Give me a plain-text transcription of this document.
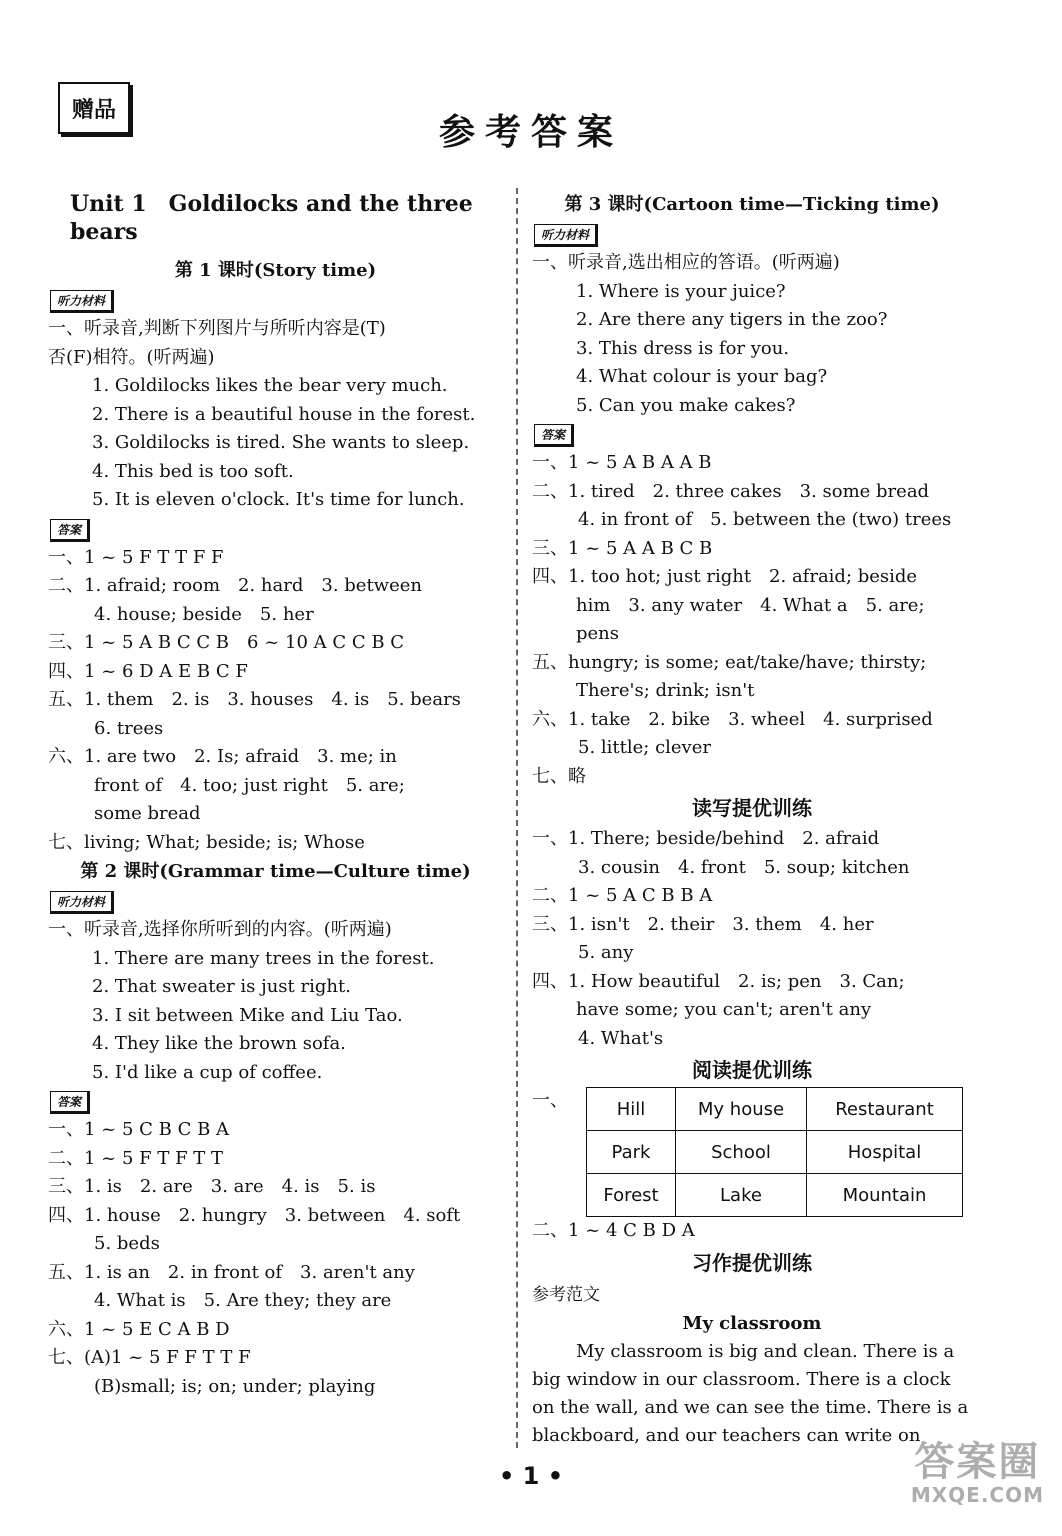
赠品
参考答案
Unit 1　Goldilocks and the three bears
第 1 课时(Story time)
听力材料
一、听录音,判断下列图片与所听内容是(T)
否(F)相符。(听两遍)
1. Goldilocks likes the bear very much.
2. There is a beautiful house in the forest.
3. Goldilocks is tired. She wants to sleep.
4. This bed is too soft.
5. It is eleven o'clock. It's time for lunch.
答案
一、1 ~ 5 F T T F F
二、1. afraid; room　2. hard　3. between
4. house; beside　5. her
三、1 ~ 5 A B C C B　6 ~ 10 A C C B C
四、1 ~ 6 D A E B C F
五、1. them　2. is　3. houses　4. is　5. bears
6. trees
六、1. are two　2. Is; afraid　3. me; in
front of　4. too; just right　5. are;
some bread
七、living; What; beside; is; Whose
第 2 课时(Grammar time—Culture time)
听力材料
一、听录音,选择你所听到的内容。(听两遍)
1. There are many trees in the forest.
2. That sweater is just right.
3. I sit between Mike and Liu Tao.
4. They like the brown sofa.
5. I'd like a cup of coffee.
答案
一、1 ~ 5 C B C B A
二、1 ~ 5 F T F T T
三、1. is　2. are　3. are　4. is　5. is
四、1. house　2. hungry　3. between　4. soft
5. beds
五、1. is an　2. in front of　3. aren't any
4. What is　5. Are they; they are
六、1 ~ 5 E C A B D
七、(A)1 ~ 5 F F T T F
(B)small; is; on; under; playing
第 3 课时(Cartoon time—Ticking time)
听力材料
一、听录音,选出相应的答语。(听两遍)
1. Where is your juice?
2. Are there any tigers in the zoo?
3. This dress is for you.
4. What colour is your bag?
5. Can you make cakes?
答案
一、1 ~ 5 A B A A B
二、1. tired　2. three cakes　3. some bread
4. in front of　5. between the (two) trees
三、1 ~ 5 A A B C B
四、1. too hot; just right　2. afraid; beside
him　3. any water　4. What a　5. are;
pens
五、hungry; is some; eat/take/have; thirsty;
There's; drink; isn't
六、1. take　2. bike　3. wheel　4. surprised
5. little; clever
七、略
读写提优训练
一、1. There; beside/behind　2. afraid
3. cousin　4. front　5. soup; kitchen
二、1 ~ 5 A C B B A
三、1. isn't　2. their　3. them　4. her
5. any
四、1. How beautiful　2. is; pen　3. Can;
have some; you can't; aren't any
4. What's
阅读提优训练
一、	Hill	My house	Restaurant
Park	School	Hospital
Forest	Lake	Mountain
二、1 ~ 4 C B D A
习作提优训练
参考范文
My classroom
My classroom is big and clean. There is a big window in our classroom. There is a clock on the wall, and we can see the time. There is a blackboard, and our teachers can write on
• 1 •	答案圈
MXQE.COM
